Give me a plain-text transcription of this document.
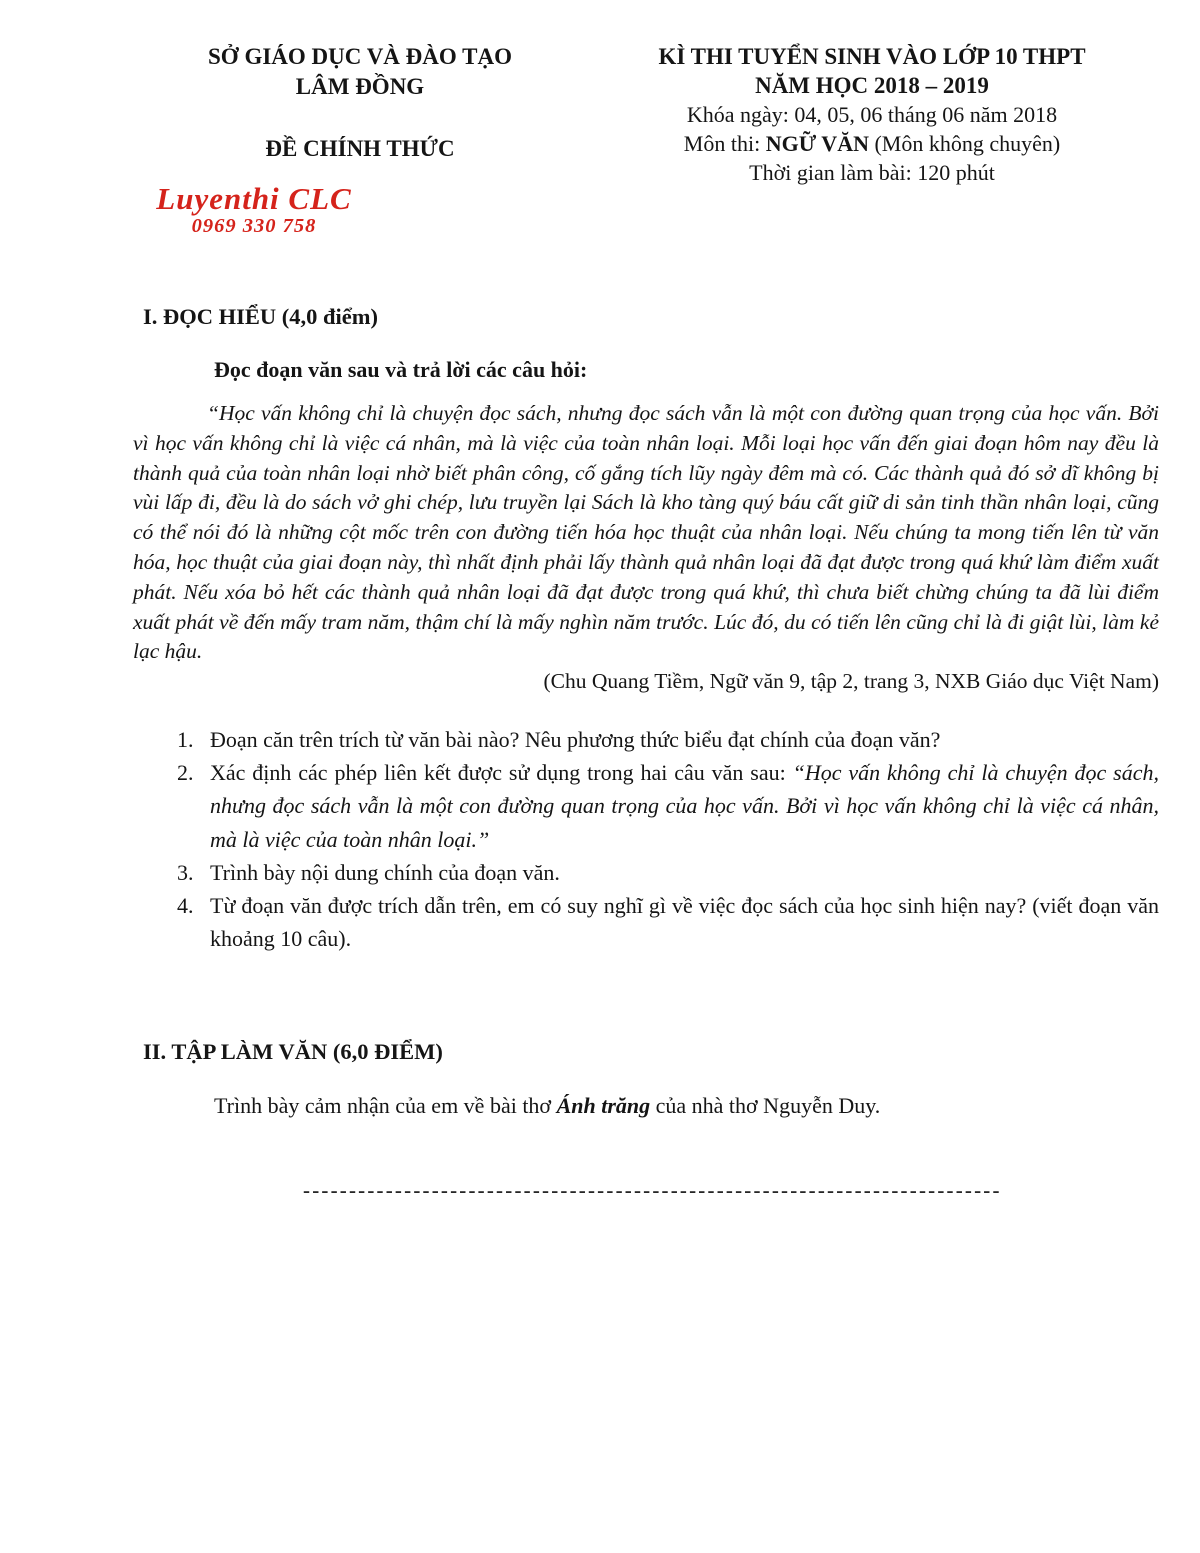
SỞ GIÁO DỤC VÀ ĐÀO TẠO
LÂM ĐỒNG
ĐỀ CHÍNH THỨC
KÌ THI TUYỂN SINH VÀO LỚP 10 THPT
NĂM HỌC 2018 – 2019
Khóa ngày: 04, 05, 06 tháng 06 năm 2018
Môn thi: NGỮ VĂN (Môn không chuyên)
Thời gian làm bài: 120 phút
Luyenthi CLC
0969 330 758
I. ĐỌC HIỂU (4,0 điểm)
Đọc đoạn văn sau và trả lời các câu hỏi:
“Học vấn không chỉ là chuyện đọc sách, nhưng đọc sách vẫn là một con đường quan trọng của học vấn. Bởi vì học vấn không chỉ là việc cá nhân, mà là việc của toàn nhân loại. Mỗi loại học vấn đến giai đoạn hôm nay đều là thành quả của toàn nhân loại nhờ biết phân công, cố gắng tích lũy ngày đêm mà có. Các thành quả đó sở dĩ không bị vùi lấp đi, đều là do sách vở ghi chép, lưu truyền lại Sách là kho tàng quý báu cất giữ di sản tinh thần nhân loại, cũng có thể nói đó là những cột mốc trên con đường tiến hóa học thuật của nhân loại. Nếu chúng ta mong tiến lên từ văn hóa, học thuật của giai đoạn này, thì nhất định phải lấy thành quả nhân loại đã đạt được trong quá khứ làm điểm xuất phát. Nếu xóa bỏ hết các thành quả nhân loại đã đạt được trong quá khứ, thì chưa biết chừng chúng ta đã lùi điểm xuất phát về đến mấy tram năm, thậm chí là mấy nghìn năm trước. Lúc đó, du có tiến lên cũng chỉ là đi giật lùi, làm kẻ lạc hậu.
(Chu Quang Tiềm, Ngữ văn 9, tập 2, trang 3, NXB Giáo dục Việt Nam)
1. Đoạn căn trên trích từ văn bài nào? Nêu phương thức biểu đạt chính của đoạn văn?
2. Xác định các phép liên kết được sử dụng trong hai câu văn sau: “Học vấn không chỉ là chuyện đọc sách, nhưng đọc sách vẫn là một con đường quan trọng của học vấn. Bởi vì học vấn không chỉ là việc cá nhân, mà là việc của toàn nhân loại.”
3. Trình bày nội dung chính của đoạn văn.
4. Từ đoạn văn được trích dẫn trên, em có suy nghĩ gì về việc đọc sách của học sinh hiện nay? (viết đoạn văn khoảng 10 câu).
II. TẬP LÀM VĂN (6,0 ĐIỂM)
Trình bày cảm nhận của em về bài thơ Ánh trăng của nhà thơ Nguyễn Duy.
----------------------------------------------------------------------------
